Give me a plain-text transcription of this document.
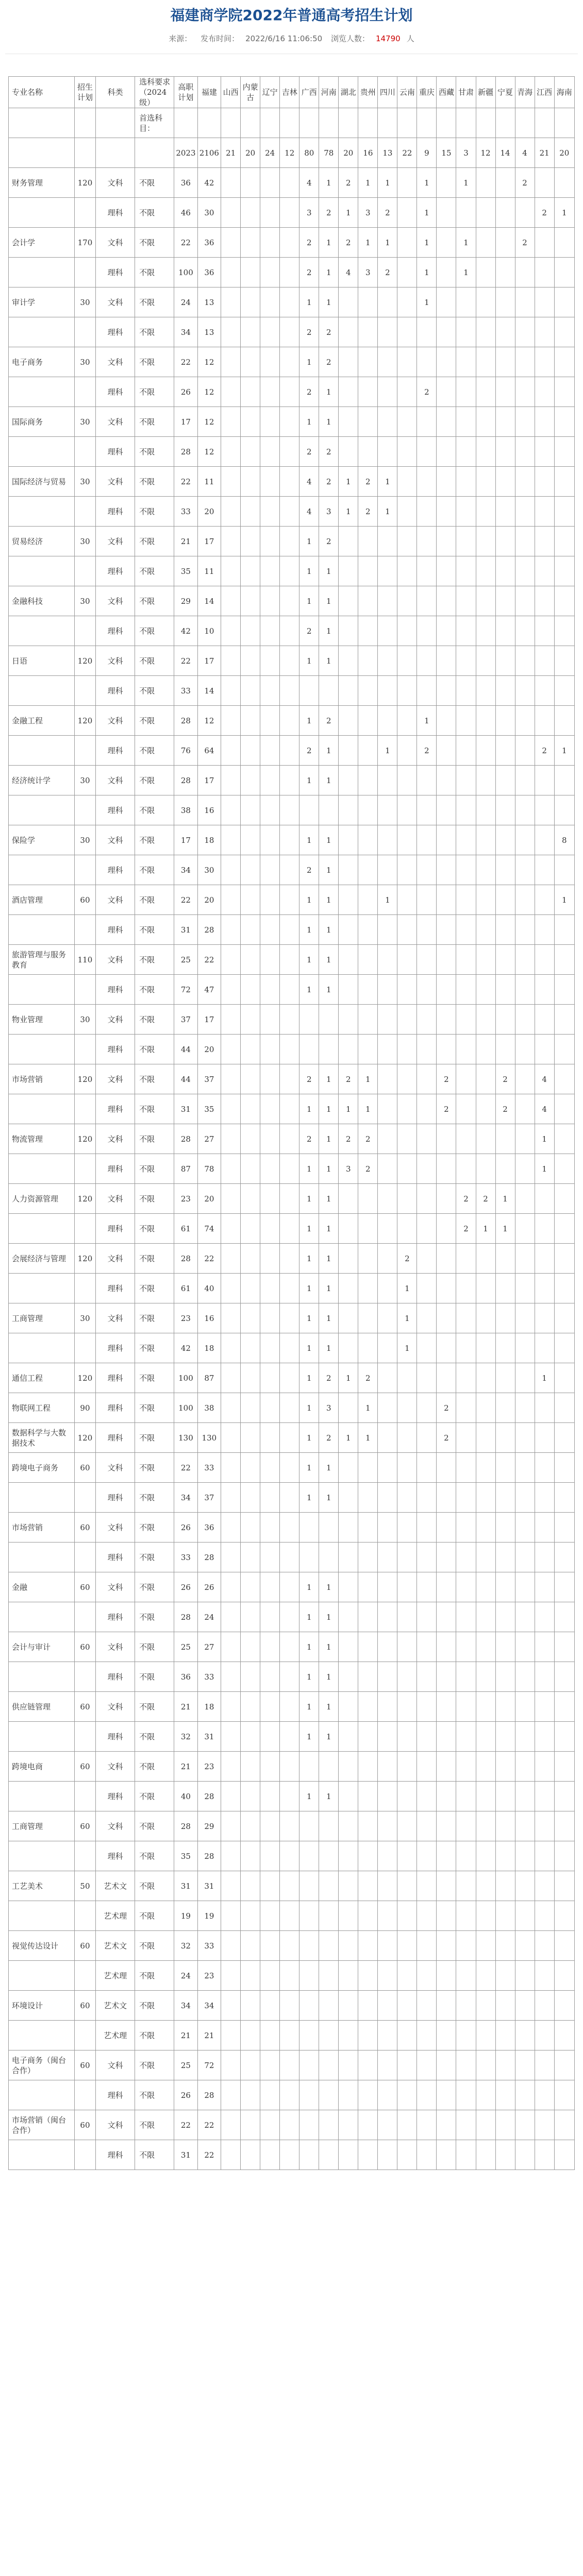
福建商学院2022年普通高考招生计划
来源： 发布时间： 2022/6/16 11:06:50 浏览人数： 14790 人
专业名称	招生计划	科类	选科要求（2024级）	高职计划	福建	山西	内蒙古	辽宁	吉林	广西	河南	湖北	贵州	四川	云南	重庆	西藏	甘肃	新疆	宁夏	青海	江西	海南
			首选科目：																				
				2023	2106	21	20	24	12	80	78	20	16	13	22	9	15	3	12	14	4	21	20
财务管理	120	文科	不限	36	42					4	1	2	1	1		1		1			2		
		理科	不限	46	30					3	2	1	3	2		1						2	1
会计学	170	文科	不限	22	36					2	1	2	1	1		1		1			2		
		理科	不限	100	36					2	1	4	3	2		1		1					
审计学	30	文科	不限	24	13					1	1					1							
		理科	不限	34	13					2	2												
电子商务	30	文科	不限	22	12					1	2												
		理科	不限	26	12					2	1					2							
国际商务	30	文科	不限	17	12					1	1												
		理科	不限	28	12					2	2												
国际经济与贸易	30	文科	不限	22	11					4	2	1	2	1									
		理科	不限	33	20					4	3	1	2	1									
贸易经济	30	文科	不限	21	17					1	2												
		理科	不限	35	11					1	1												
金融科技	30	文科	不限	29	14					1	1												
		理科	不限	42	10					2	1												
日语	120	文科	不限	22	17					1	1												
		理科	不限	33	14																		
金融工程	120	文科	不限	28	12					1	2					1							
		理科	不限	76	64					2	1			1		2						2	1
经济统计学	30	文科	不限	28	17					1	1												
		理科	不限	38	16																		
保险学	30	文科	不限	17	18					1	1												8
		理科	不限	34	30					2	1												
酒店管理	60	文科	不限	22	20					1	1			1									1
		理科	不限	31	28					1	1												
旅游管理与服务教育	110	文科	不限	25	22					1	1												
		理科	不限	72	47					1	1												
物业管理	30	文科	不限	37	17																		
		理科	不限	44	20																		
市场营销	120	文科	不限	44	37					2	1	2	1				2			2		4	
		理科	不限	31	35					1	1	1	1				2			2		4	
物流管理	120	文科	不限	28	27					2	1	2	2									1	
		理科	不限	87	78					1	1	3	2									1	
人力资源管理	120	文科	不限	23	20					1	1							2	2	1			
		理科	不限	61	74					1	1							2	1	1			
会展经济与管理	120	文科	不限	28	22					1	1				2								
		理科	不限	61	40					1	1				1								
工商管理	30	文科	不限	23	16					1	1				1								
		理科	不限	42	18					1	1				1								
通信工程	120	理科	不限	100	87					1	2	1	2									1	
物联网工程	90	理科	不限	100	38					1	3		1				2						
数据科学与大数据技术	120	理科	不限	130	130					1	2	1	1				2						
跨境电子商务	60	文科	不限	22	33					1	1												
		理科	不限	34	37					1	1												
市场营销	60	文科	不限	26	36																		
		理科	不限	33	28																		
金融	60	文科	不限	26	26					1	1												
		理科	不限	28	24					1	1												
会计与审计	60	文科	不限	25	27					1	1												
		理科	不限	36	33					1	1												
供应链管理	60	文科	不限	21	18					1	1												
		理科	不限	32	31					1	1												
跨境电商	60	文科	不限	21	23																		
		理科	不限	40	28					1	1												
工商管理	60	文科	不限	28	29																		
		理科	不限	35	28																		
工艺美术	50	艺术文	不限	31	31																		
		艺术理	不限	19	19																		
视觉传达设计	60	艺术文	不限	32	33																		
		艺术理	不限	24	23																		
环境设计	60	艺术文	不限	34	34																		
		艺术理	不限	21	21																		
电子商务（闽台合作）	60	文科	不限	25	72																		
		理科	不限	26	28																		
市场营销（闽台合作）	60	文科	不限	22	22																		
		理科	不限	31	22																		
